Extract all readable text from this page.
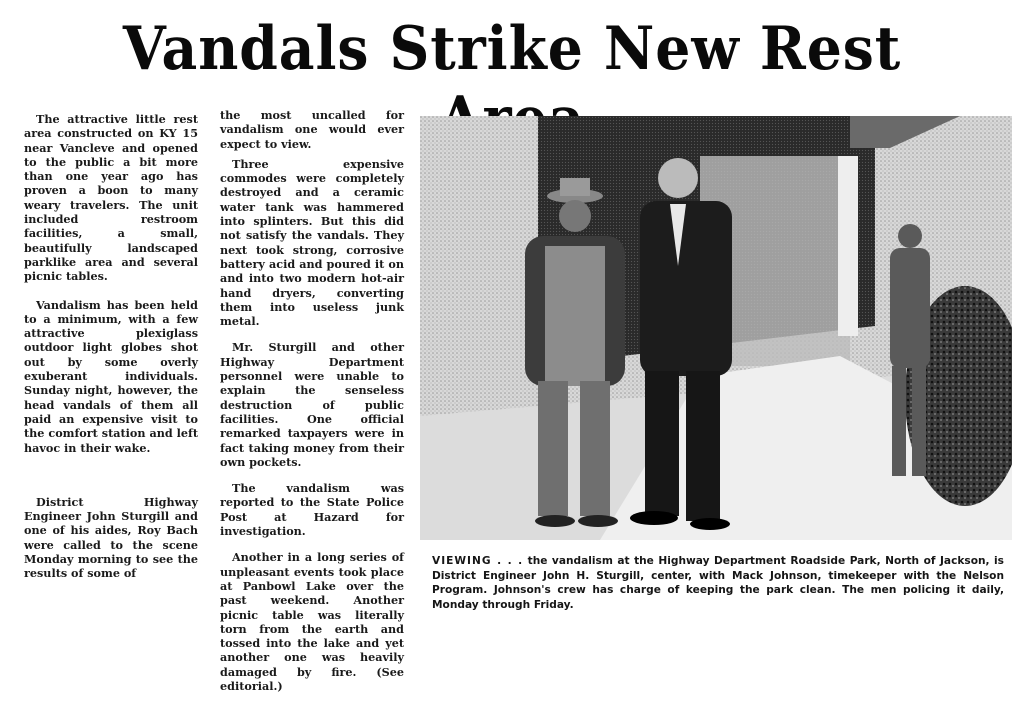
Vandals Strike New Rest

The attractive little rest area constructed on KY 15 near Vancleve and opened to the public a bit more than one year ago has proven a boon to many weary travelers. The unit included restroom facilities, a small, beautifully landscaped parklike area and several picnic tables.

Vandalism has been held to a minimum, with a few attractive plexiglass outdoor light globes shot out by some overly exuberant individuals. Sunday night, however, the head vandals of them all paid an expensive visit to the comfort station and left havoc in their wake.

District Highway Engineer John Sturgill and one of his aides, Roy Bach were called to the scene Monday morning to see the results of some of

the most uncalled for vandalism one would ever expect to view.

Three expensive commodes were completely destroyed and a ceramic water tank was hammered into splinters. But this did not satisfy the vandals. They next took strong, corrosive battery acid and poured it on and into two modern hot-air hand dryers, converting them into useless junk metal.

Mr. Sturgill and other Highway Department personnel were unable to explain the senseless destruction of public facilities. One official remarked taxpayers were in fact taking money from their own pockets.

The vandalism was reported to the State Police Post at Hazard for investigation.

Another in a long series of unpleasant events took place at Panbowl Lake over the past weekend. Another picnic table was literally torn from the earth and tossed into the lake and yet another one was heavily damaged by fire. (See editorial.)

VIEWING . . . the vandalism at the Highway Department Roadside Park, North of Jackson, is District Engineer John H. Sturgill, center, with Mack Johnson, timekeeper with the Nelson Program. Johnson's crew has charge of keeping the park clean. The men policing it daily, Monday through Friday.
